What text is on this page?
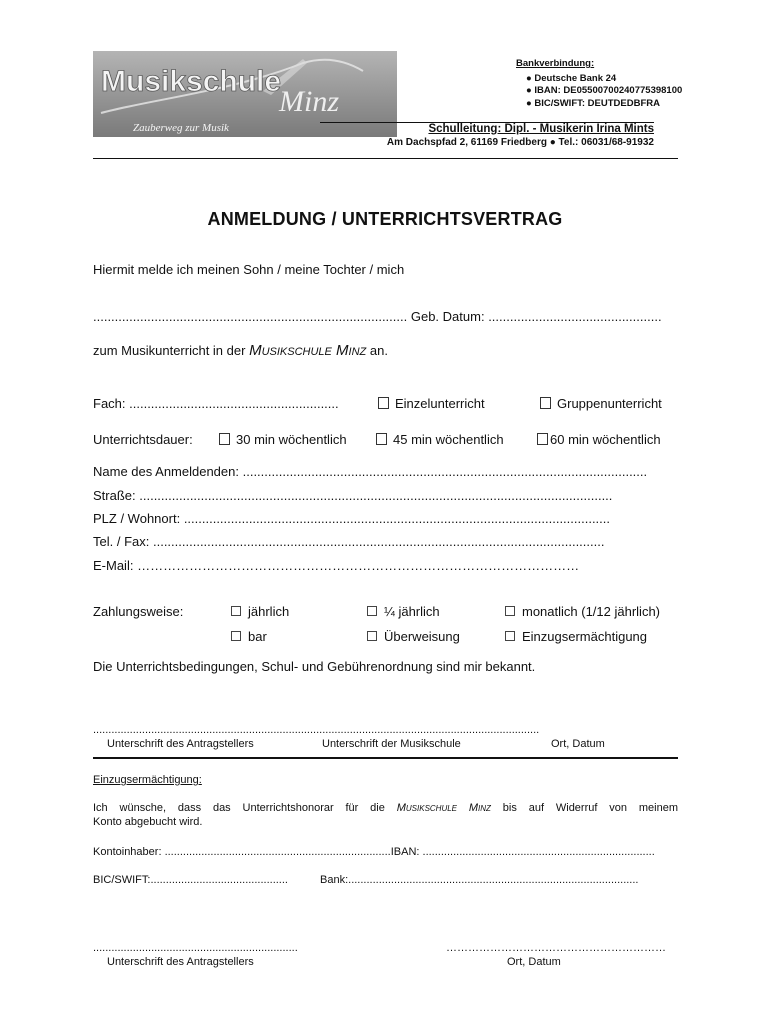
Musikschule
Minz
Zauberweg zur Musik
Bankverbindung:
● Deutsche Bank 24
● IBAN: DE05500700240775398100
● BIC/SWIFT: DEUTDEDBFRA
Schulleitung: Dipl. - Musikerin Irina Mints
Am Dachspfad 2, 61169 Friedberg ● Tel.: 06031/68-91932
ANMELDUNG / UNTERRICHTSVERTRAG
Hiermit melde ich meinen Sohn / meine Tochter / mich
....................................................................................... Geb. Datum: ................................................
zum Musikunterricht in der Musikschule Minz an.
Fach: ..........................................................	Einzelunterricht	Gruppenunterricht
Unterrichtsdauer:	30 min wöchentlich	45 min wöchentlich	60 min wöchentlich
Name des Anmeldenden: ................................................................................................................
Straße: ...................................................................................................................................
PLZ / Wohnort: ......................................................................................................................
Tel. / Fax: .............................................................................................................................
E-Mail: …………………………………………………………………………………………
Zahlungsweise:	jährlich	¼ jährlich	monatlich (1/12 jährlich)
bar	Überweisung	Einzugsermächtigung
Die Unterrichtsbedingungen, Schul- und Gebührenordnung sind mir bekannt.
..................................................................................................................................................
Unterschrift des Antragstellers	Unterschrift der Musikschule	Ort, Datum
Einzugsermächtigung:
Ich wünsche, dass das Unterrichtshonorar für die Musikschule Minz bis auf Widerruf von meinem
Konto abgebucht wird.
Kontoinhaber: ..........................................................................IBAN: ............................................................................
BIC/SWIFT:.............................................	Bank:...............................................................................................
...................................................................	……………………………………………………
Unterschrift des Antragstellers	Ort, Datum
